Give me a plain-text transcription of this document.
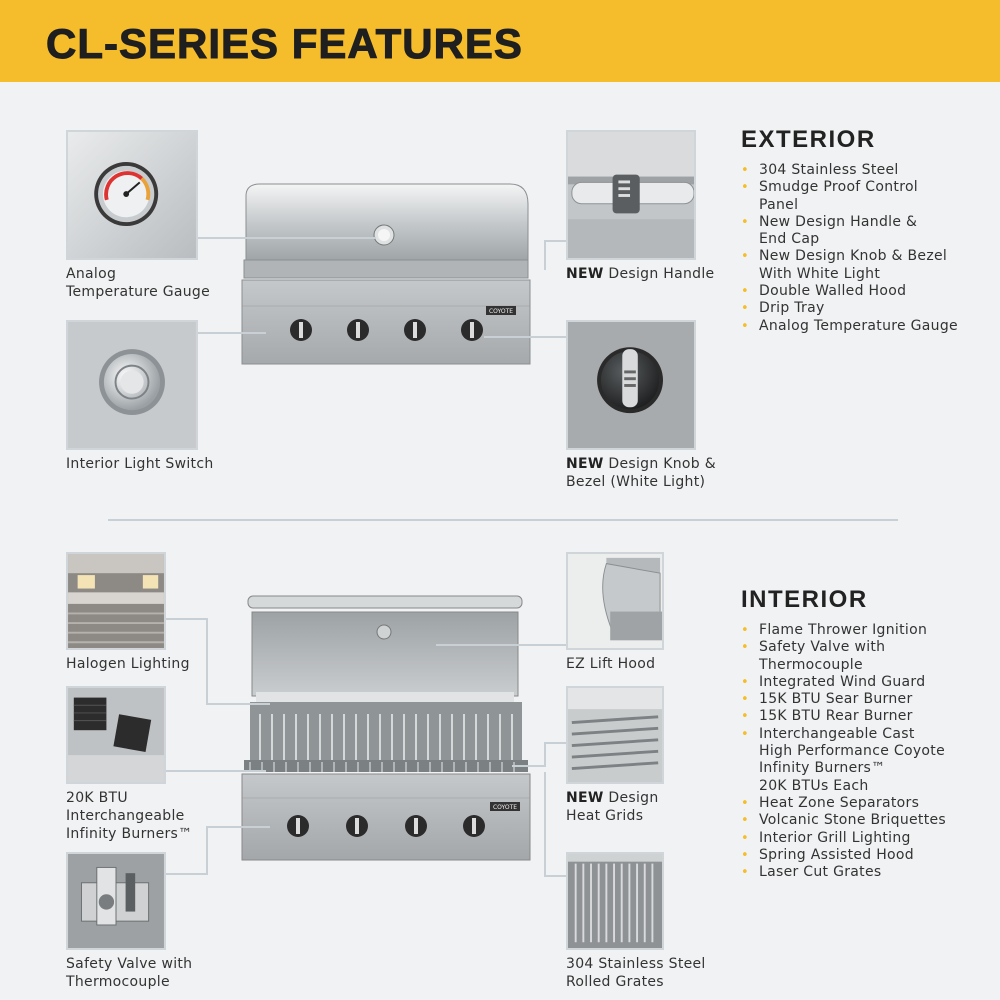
CL-SERIES FEATURES
Analog
Temperature Gauge
Interior Light Switch
COYOTE
NEW Design Handle
NEW Design Knob &
Bezel (White Light)
EXTERIOR
• 304 Stainless Steel
• Smudge Proof Control
Panel
• New Design Handle &
End Cap
• New Design Knob & Bezel
With White Light
• Double Walled Hood
• Drip Tray
• Analog Temperature Gauge
Halogen Lighting
20K BTU
Interchangeable
Infinity Burners™
Safety Valve with
Thermocouple
COYOTE
EZ Lift Hood
NEW Design
Heat Grids
304 Stainless Steel
Rolled Grates
INTERIOR
• Flame Thrower Ignition
• Safety Valve with
Thermocouple
• Integrated Wind Guard
• 15K BTU Sear Burner
• 15K BTU Rear Burner
• Interchangeable Cast
High Performance Coyote
Infinity Burners™
20K BTUs Each
• Heat Zone Separators
• Volcanic Stone Briquettes
• Interior Grill Lighting
• Spring Assisted Hood
• Laser Cut Grates
